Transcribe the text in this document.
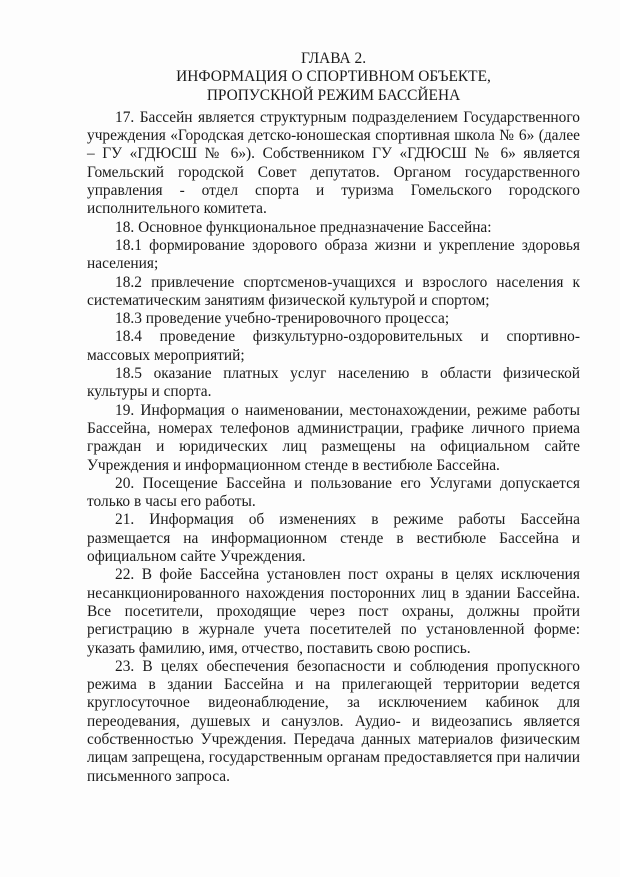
ГЛАВА 2.

ИНФОРМАЦИЯ О СПОРТИВНОМ ОБЪЕКТЕ,

ПРОПУСКНОЙ РЕЖИМ БАССЙЕНА

17. Бассейн является структурным подразделением Государственного учреждения «Городская детско-юношеская спортивная школа № 6» (далее – ГУ «ГДЮСШ № 6»). Собственником ГУ «ГДЮСШ № 6» является Гомельский городской Совет депутатов. Органом государственного управления - отдел спорта и туризма Гомельского городского исполнительного комитета.

18. Основное функциональное предназначение Бассейна:

18.1 формирование здорового образа жизни и укрепление здоровья населения;

18.2 привлечение спортсменов-учащихся и взрослого населения к систематическим занятиям физической культурой и спортом;

18.3 проведение учебно-тренировочного процесса;

18.4 проведение физкультурно-оздоровительных и спортивно-массовых мероприятий;

18.5 оказание платных услуг населению в области физической культуры и спорта.

19. Информация о наименовании, местонахождении, режиме работы Бассейна, номерах телефонов администрации, графике личного приема граждан и юридических лиц размещены на официальном сайте Учреждения и информационном стенде в вестибюле Бассейна.

20. Посещение Бассейна и пользование его Услугами допускается только в часы его работы.

21. Информация об изменениях в режиме работы Бассейна размещается на информационном стенде в вестибюле Бассейна и официальном сайте Учреждения.

22. В фойе Бассейна установлен пост охраны в целях исключения несанкционированного нахождения посторонних лиц в здании Бассейна. Все посетители, проходящие через пост охраны, должны пройти регистрацию в журнале учета посетителей по установленной форме: указать фамилию, имя, отчество, поставить свою роспись.

23. В целях обеспечения безопасности и соблюдения пропускного режима в здании Бассейна и на прилегающей территории ведется круглосуточное видеонаблюдение, за исключением кабинок для переодевания, душевых и санузлов. Аудио- и видеозапись является собственностью Учреждения. Передача данных материалов физическим лицам запрещена, государственным органам предоставляется при наличии письменного запроса.
